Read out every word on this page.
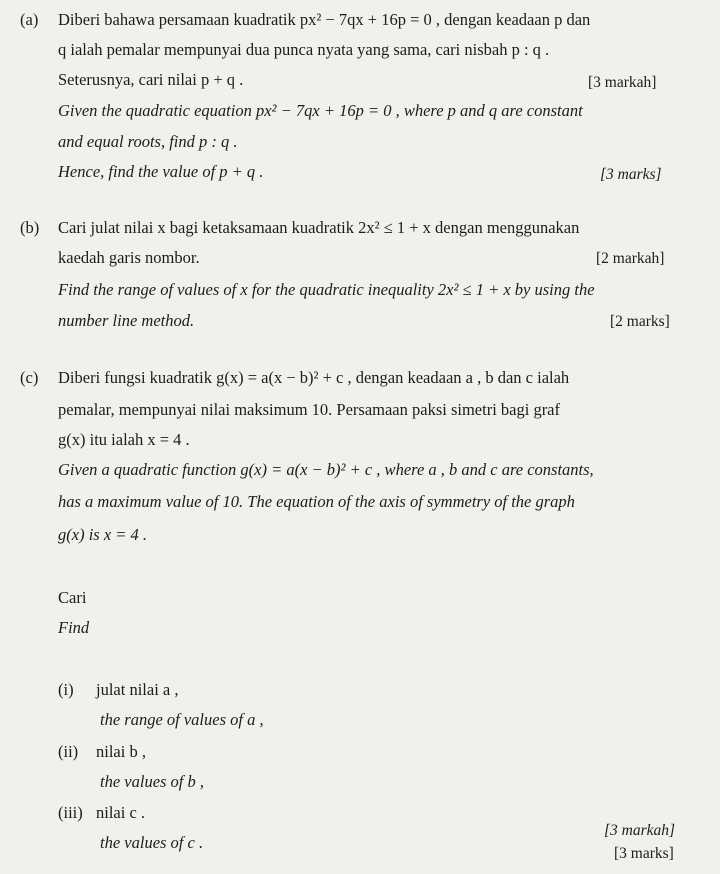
(a) Diberi bahawa persamaan kuadratik px² − 7qx + 16p = 0 , dengan keadaan p dan
q ialah pemalar mempunyai dua punca nyata yang sama, cari nisbah p : q .
Seterusnya, cari nilai p + q .	[3 markah]
Given the quadratic equation px² − 7qx + 16p = 0 , where p and q are constant
and equal roots, find p : q .
Hence, find the value of p + q .	[3 marks]
(b) Cari julat nilai x bagi ketaksamaan kuadratik 2x² ≤ 1 + x dengan menggunakan
kaedah garis nombor.	[2 markah]
Find the range of values of x for the quadratic inequality 2x² ≤ 1 + x by using the
number line method.	[2 marks]
(c) Diberi fungsi kuadratik g(x) = a(x − b)² + c , dengan keadaan a , b dan c ialah
pemalar, mempunyai nilai maksimum 10. Persamaan paksi simetri bagi graf
g(x) itu ialah x = 4 .
Given a quadratic function g(x) = a(x − b)² + c , where a , b and c are constants,
has a maximum value of 10. The equation of the axis of symmetry of the graph
g(x) is x = 4 .
Cari
Find
(i) julat nilai a ,
the range of values of a ,
(ii) nilai b ,
the values of b ,
(iii) nilai c .
the values of c .
[3 markah]
[3 marks]
